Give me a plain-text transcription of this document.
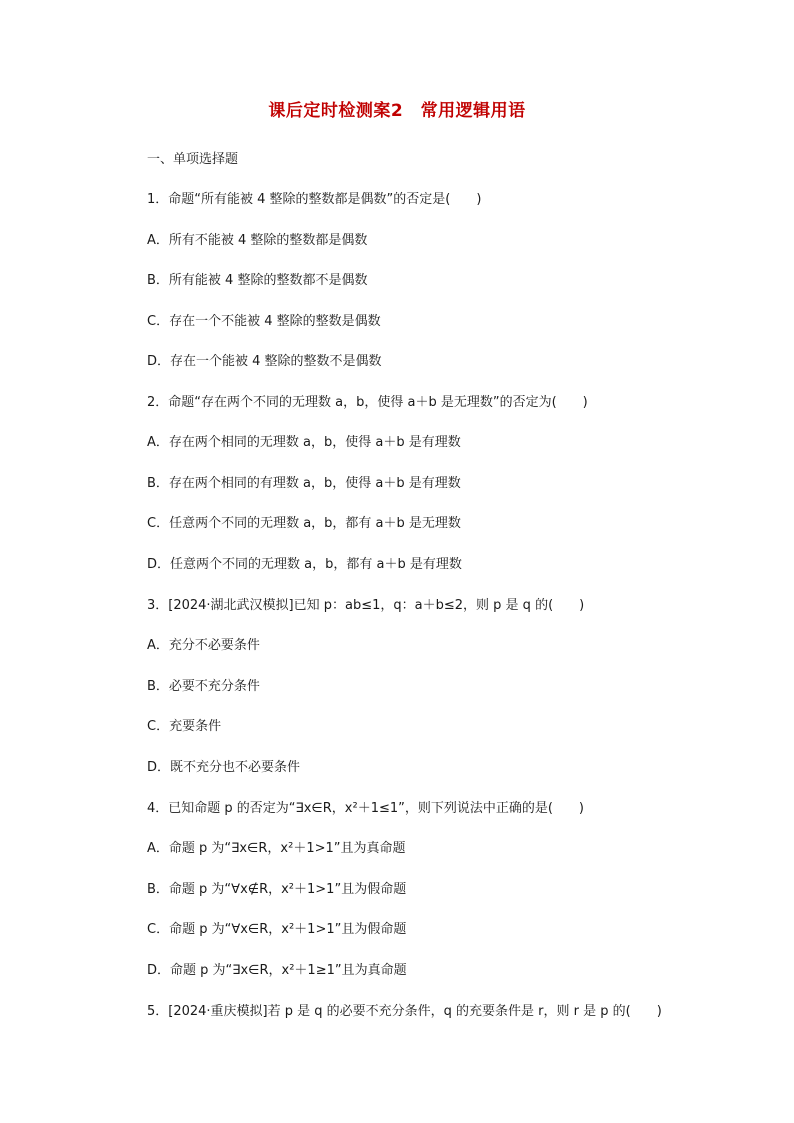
课后定时检测案2　常用逻辑用语
一、单项选择题
1．命题“所有能被 4 整除的整数都是偶数”的否定是(　　)
A．所有不能被 4 整除的整数都是偶数
B．所有能被 4 整除的整数都不是偶数
C．存在一个不能被 4 整除的整数是偶数
D．存在一个能被 4 整除的整数不是偶数
2．命题“存在两个不同的无理数 a，b，使得 a＋b 是无理数”的否定为(　　)
A．存在两个相同的无理数 a，b，使得 a＋b 是有理数
B．存在两个相同的有理数 a，b，使得 a＋b 是有理数
C．任意两个不同的无理数 a，b，都有 a＋b 是无理数
D．任意两个不同的无理数 a，b，都有 a＋b 是有理数
3．[2024·湖北武汉模拟]已知 p：ab≤1，q：a＋b≤2，则 p 是 q 的(　　)
A．充分不必要条件
B．必要不充分条件
C．充要条件
D．既不充分也不必要条件
4．已知命题 p 的否定为“∃x∈R，x²＋1≤1”，则下列说法中正确的是(　　)
A．命题 p 为“∃x∈R，x²＋1>1”且为真命题
B．命题 p 为“∀x∉R，x²＋1>1”且为假命题
C．命题 p 为“∀x∈R，x²＋1>1”且为假命题
D．命题 p 为“∃x∈R，x²＋1≥1”且为真命题
5．[2024·重庆模拟]若 p 是 q 的必要不充分条件，q 的充要条件是 r，则 r 是 p 的(　　)
